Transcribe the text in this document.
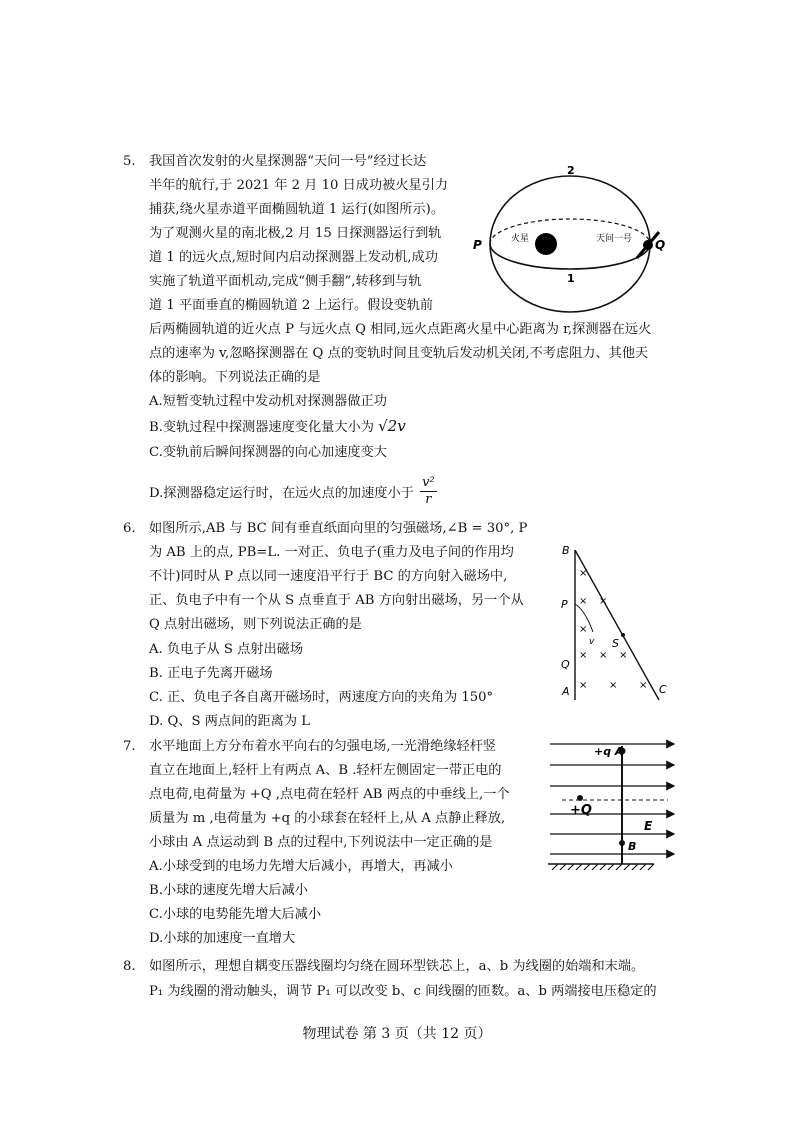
5.	我国首次发射的火星探测器“天问一号”经过长达
半年的航行,于 2021 年 2 月 10 日成功被火星引力
捕获,绕火星赤道平面椭圆轨道 1 运行(如图所示)。
为了观测火星的南北极,2 月 15 日探测器运行到轨
道 1 的远火点,短时间内启动探测器上发动机,成功
实施了轨道平面机动,完成“侧手翻”,转移到与轨
道 1 平面垂直的椭圆轨道 2 上运行。假设变轨前
后两椭圆轨道的近火点 P 与远火点 Q 相同,远火点距离火星中心距离为 r,探测器在远火
点的速率为 v,忽略探测器在 Q 点的变轨时间且变轨后发动机关闭,不考虑阻力、其他天
体的影响。下列说法正确的是
A.短暂变轨过程中发动机对探测器做正功
B.变轨过程中探测器速度变化量大小为 √2v
C.变轨前后瞬间探测器的向心加速度变大
D.探测器稳定运行时，在远火点的加速度小于 $\frac{\text{v²}}{r}$
2
1
P	Q
火星	天问一号
6.	如图所示,AB 与 BC 间有垂直纸面向里的匀强磁场,∠B = 30°, P
为 AB 上的点, PB=L. 一对正、负电子(重力及电子间的作用均
不计)同时从 P 点以同一速度沿平行于 BC 的方向射入磁场中,
正、负电子中有一个从 S 点垂直于 AB 方向射出磁场，另一个从
Q 点射出磁场，则下列说法正确的是
A. 负电子从 S 点射出磁场
B. 正电子先离开磁场
C. 正、负电子各自离开磁场时，两速度方向的夹角为 150°
D. Q、S 两点间的距离为 L
B
P
Q
A	C
S
v
×
× ×
×
× × ×
× × ×
7.	水平地面上方分布着水平向右的匀强电场,一光滑绝缘轻杆竖
直立在地面上,轻杆上有两点 A、B .轻杆左侧固定一带正电的
点电荷,电荷量为 +Q ,点电荷在轻杆 AB 两点的中垂线上,一个
质量为 m ,电荷量为 +q 的小球套在轻杆上,从 A 点静止释放,
小球由 A 点运动到 B 点的过程中,下列说法中一定正确的是
A.小球受到的电场力先增大后减小，再增大，再减小
B.小球的速度先增大后减小
C.小球的电势能先增大后减小
D.小球的加速度一直增大
+q A
+Q
E
B
8.	如图所示，理想自耦变压器线圈均匀绕在圆环型铁芯上，a、b 为线圈的始端和末端。
P₁ 为线圈的滑动触头，调节 P₁ 可以改变 b、c 间线圈的匝数。a、b 两端接电压稳定的
物理试卷 第 3 页（共 12 页）
